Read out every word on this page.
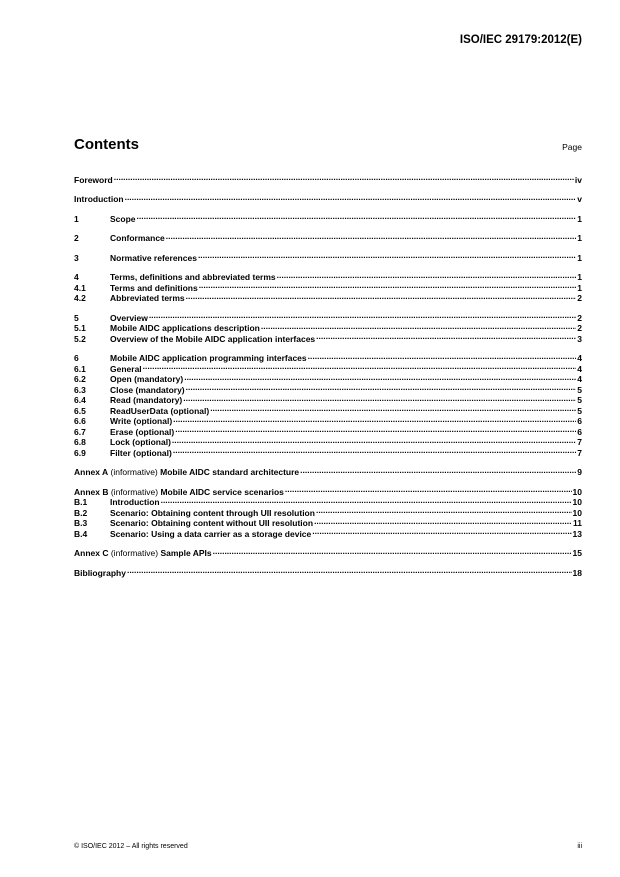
ISO/IEC 29179:2012(E)
Contents	Page
Foreword .....	iv
Introduction .....	v
1	Scope .....	1
2	Conformance .....	1
3	Normative references .....	1
4	Terms, definitions and abbreviated terms .....	1
4.1	Terms and definitions .....	1
4.2	Abbreviated terms .....	2
5	Overview .....	2
5.1	Mobile AIDC applications description .....	2
5.2	Overview of the Mobile AIDC application interfaces .....	3
6	Mobile AIDC application programming interfaces .....	4
6.1	General .....	4
6.2	Open (mandatory) .....	4
6.3	Close (mandatory) .....	5
6.4	Read (mandatory) .....	5
6.5	ReadUserData (optional) .....	5
6.6	Write (optional) .....	6
6.7	Erase (optional) .....	6
6.8	Lock (optional) .....	7
6.9	Filter (optional) .....	7
Annex A (informative) Mobile AIDC standard architecture .....	9
Annex B (informative) Mobile AIDC service scenarios .....	10
B.1	Introduction .....	10
B.2	Scenario: Obtaining content through UII resolution .....	10
B.3	Scenario: Obtaining content without UII resolution .....	11
B.4	Scenario: Using a data carrier as a storage device .....	13
Annex C (informative) Sample APIs .....	15
Bibliography .....	18
© ISO/IEC 2012 – All rights reserved	iii
